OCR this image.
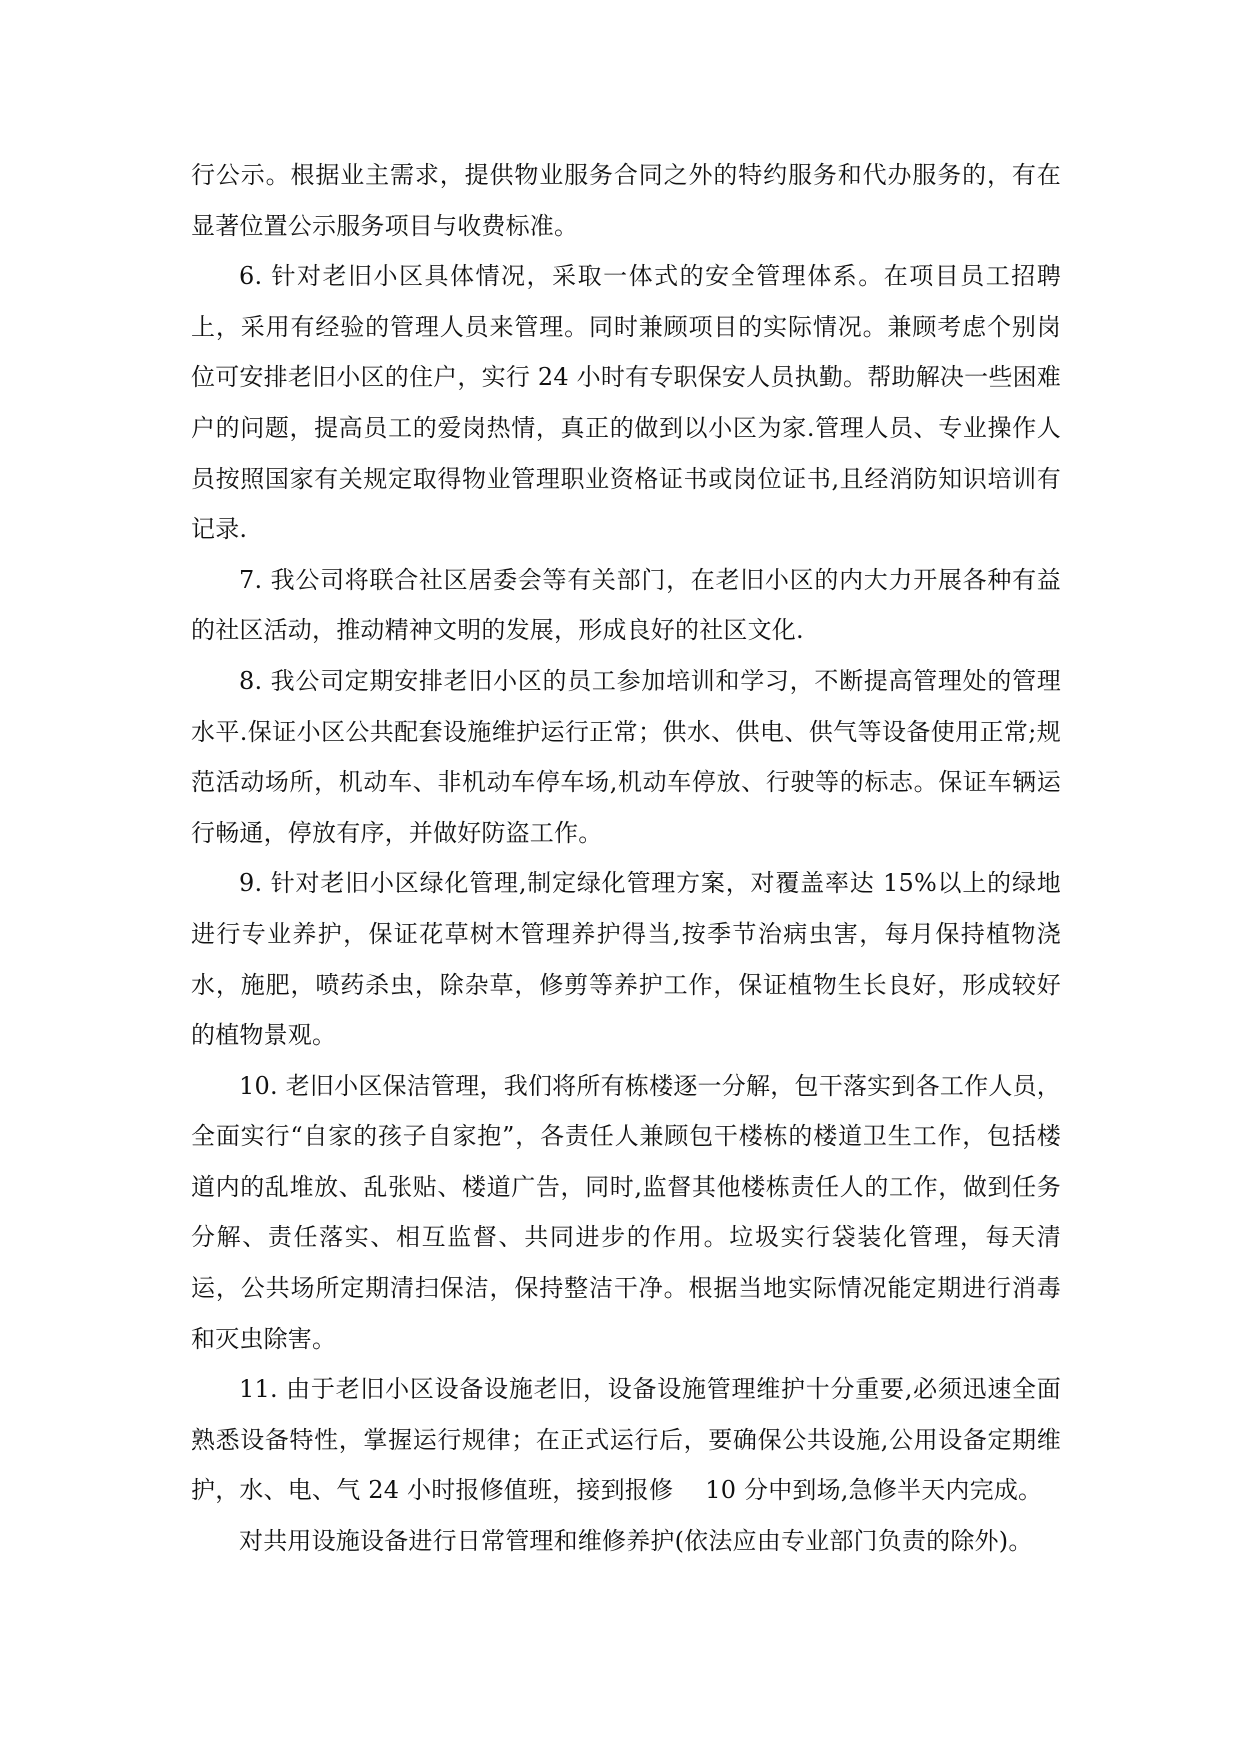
行公示。根据业主需求，提供物业服务合同之外的特约服务和代办服务的，有在显著位置公示服务项目与收费标准。

6. 针对老旧小区具体情况，采取一体式的安全管理体系。在项目员工招聘上，采用有经验的管理人员来管理。同时兼顾项目的实际情况。兼顾考虑个别岗位可安排老旧小区的住户，实行 24 小时有专职保安人员执勤。帮助解决一些困难户的问题，提高员工的爱岗热情，真正的做到以小区为家.管理人员、专业操作人员按照国家有关规定取得物业管理职业资格证书或岗位证书,且经消防知识培训有记录.

7. 我公司将联合社区居委会等有关部门，在老旧小区的内大力开展各种有益的社区活动，推动精神文明的发展，形成良好的社区文化.

8. 我公司定期安排老旧小区的员工参加培训和学习，不断提高管理处的管理水平.保证小区公共配套设施维护运行正常；供水、供电、供气等设备使用正常;规范活动场所，机动车、非机动车停车场,机动车停放、行驶等的标志。保证车辆运行畅通，停放有序，并做好防盗工作。

9. 针对老旧小区绿化管理,制定绿化管理方案，对覆盖率达 15%以上的绿地进行专业养护，保证花草树木管理养护得当,按季节治病虫害，每月保持植物浇水，施肥，喷药杀虫，除杂草，修剪等养护工作，保证植物生长良好，形成较好的植物景观。

10. 老旧小区保洁管理，我们将所有栋楼逐一分解，包干落实到各工作人员，全面实行“自家的孩子自家抱”，各责任人兼顾包干楼栋的楼道卫生工作，包括楼道内的乱堆放、乱张贴、楼道广告，同时,监督其他楼栋责任人的工作，做到任务分解、责任落实、相互监督、共同进步的作用。垃圾实行袋装化管理，每天清运，公共场所定期清扫保洁，保持整洁干净。根据当地实际情况能定期进行消毒和灭虫除害。

11. 由于老旧小区设备设施老旧，设备设施管理维护十分重要,必须迅速全面熟悉设备特性，掌握运行规律；在正式运行后，要确保公共设施,公用设备定期维护，水、电、气 24 小时报修值班，接到报修　 10 分中到场,急修半天内完成。

对共用设施设备进行日常管理和维修养护(依法应由专业部门负责的除外)。
